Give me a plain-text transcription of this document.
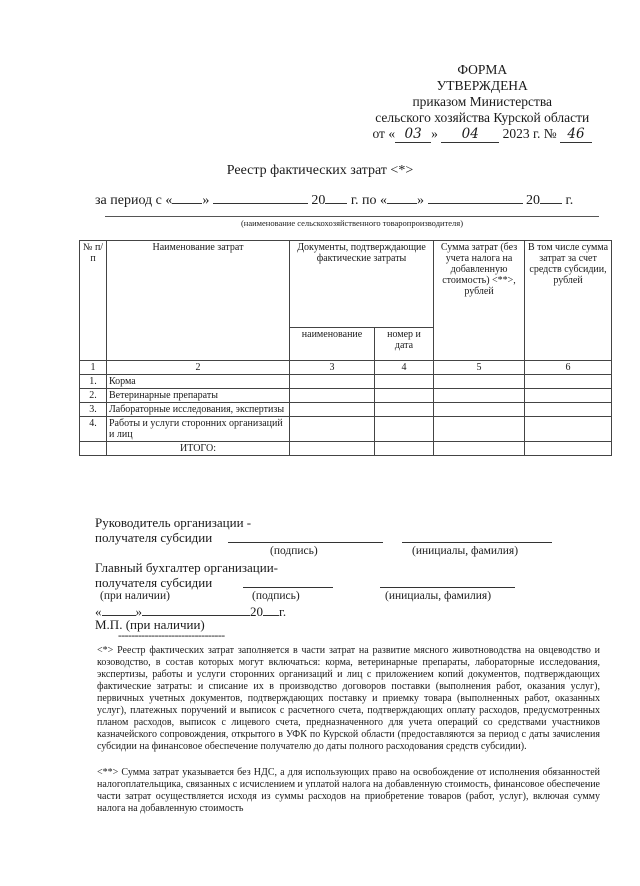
ФОРМА
УТВЕРЖДЕНА
приказом Министерства
сельского хозяйства Курской области
от « 03 » 04 2023 г. № 46
Реестр фактических затрат <*>
за период с « »	20 г. по « »	20 г.
(наименование сельскохозяйственного товаропроизводителя)
№ п/п	Наименование затрат	Документы, подтверждающие фактические затраты		Сумма затрат (без учета налога на добавленную стоимость) <**>, рублей	В том числе сумма затрат за счет средств субсидии, рублей
		наименование	номер и дата		
1	2	3	4	5	6
1.	Корма				
2.	Ветеринарные препараты				
3.	Лабораторные исследования, экспертизы				
4.	Работы и услуги сторонних организаций и лиц				
	ИТОГО:				
Руководитель организации -
получателя субсидии
(подпись)	(инициалы, фамилия)
Главный бухгалтер организации-
получателя субсидии
(при наличии)	(подпись)	(инициалы, фамилия)
«	»	20 г.
М.П. (при наличии)
--------------------------------
<*> Реестр фактических затрат заполняется в части затрат на развитие мясного животноводства на овцеводство и козоводство, в состав которых могут включаться: корма, ветеринарные препараты, лабораторные исследования, экспертизы, работы и услуги сторонних организаций и лиц с приложением копий документов, подтверждающих фактические затраты: и списание их в производство договоров поставки (выполнения работ, оказания услуг), первичных учетных документов, подтверждающих поставку и приемку товара (выполненных работ, оказанных услуг), платежных поручений и выписок с расчетного счета, подтверждающих оплату расходов, предусмотренных планом расходов, выписок с лицевого счета, предназначенного для учета операций со средствами участников казначейского сопровождения, открытого в УФК по Курской области (предоставляются за период с даты зачисления субсидии на финансовое обеспечение получателю до даты полного расходования средств субсидии).
<**> Сумма затрат указывается без НДС, а для использующих право на освобождение от исполнения обязанностей налогоплательщика, связанных с исчислением и уплатой налога на добавленную стоимость, финансовое обеспечение части затрат осуществляется исходя из суммы расходов на приобретение товаров (работ, услуг), включая сумму налога на добавленную стоимость
